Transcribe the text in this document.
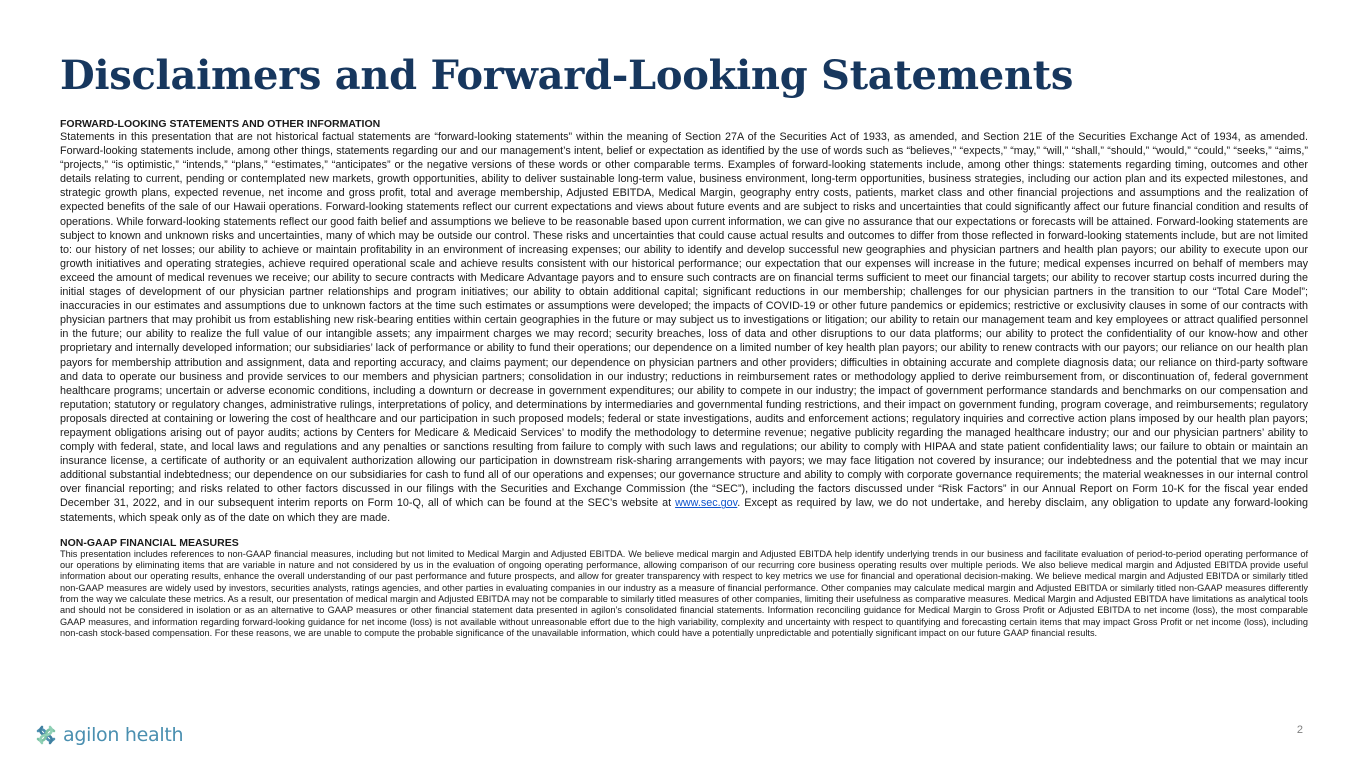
Disclaimers and Forward-Looking Statements

FORWARD-LOOKING STATEMENTS AND OTHER INFORMATION

Statements in this presentation that are not historical factual statements are “forward-looking statements” within the meaning of Section 27A of the Securities Act of 1933, as amended, and Section 21E of the Securities Exchange Act of 1934, as amended. Forward-looking statements include, among other things, statements regarding our and our management’s intent, belief or expectation as identified by the use of words such as “believes,” “expects,” “may,” “will,” “shall,” “should,” “would,” “could,” “seeks,” “aims,” “projects,” “is optimistic,” “intends,” “plans,” “estimates,” “anticipates” or the negative versions of these words or other comparable terms. Examples of forward-looking statements include, among other things: statements regarding timing, outcomes and other details relating to current, pending or contemplated new markets, growth opportunities, ability to deliver sustainable long-term value, business environment, long-term opportunities, business strategies, including our action plan and its expected milestones, and strategic growth plans, expected revenue, net income and gross profit, total and average membership, Adjusted EBITDA, Medical Margin, geography entry costs, patients, market class and other financial projections and assumptions and the realization of expected benefits of the sale of our Hawaii operations. Forward-looking statements reflect our current expectations and views about future events and are subject to risks and uncertainties that could significantly affect our future financial condition and results of operations. While forward-looking statements reflect our good faith belief and assumptions we believe to be reasonable based upon current information, we can give no assurance that our expectations or forecasts will be attained. Forward-looking statements are subject to known and unknown risks and uncertainties, many of which may be outside our control. These risks and uncertainties that could cause actual results and outcomes to differ from those reflected in forward-looking statements include, but are not limited to: our history of net losses; our ability to achieve or maintain profitability in an environment of increasing expenses; our ability to identify and develop successful new geographies and physician partners and health plan payors; our ability to execute upon our growth initiatives and operating strategies, achieve required operational scale and achieve results consistent with our historical performance; our expectation that our expenses will increase in the future; medical expenses incurred on behalf of members may exceed the amount of medical revenues we receive; our ability to secure contracts with Medicare Advantage payors and to ensure such contracts are on financial terms sufficient to meet our financial targets; our ability to recover startup costs incurred during the initial stages of development of our physician partner relationships and program initiatives; our ability to obtain additional capital; significant reductions in our membership; challenges for our physician partners in the transition to our “Total Care Model”; inaccuracies in our estimates and assumptions due to unknown factors at the time such estimates or assumptions were developed; the impacts of COVID-19 or other future pandemics or epidemics; restrictive or exclusivity clauses in some of our contracts with physician partners that may prohibit us from establishing new risk-bearing entities within certain geographies in the future or may subject us to investigations or litigation; our ability to retain our management team and key employees or attract qualified personnel in the future; our ability to realize the full value of our intangible assets; any impairment charges we may record; security breaches, loss of data and other disruptions to our data platforms; our ability to protect the confidentiality of our know-how and other proprietary and internally developed information; our subsidiaries’ lack of performance or ability to fund their operations; our dependence on a limited number of key health plan payors; our ability to renew contracts with our payors; our reliance on our health plan payors for membership attribution and assignment, data and reporting accuracy, and claims payment; our dependence on physician partners and other providers; difficulties in obtaining accurate and complete diagnosis data; our reliance on third-party software and data to operate our business and provide services to our members and physician partners; consolidation in our industry; reductions in reimbursement rates or methodology applied to derive reimbursement from, or discontinuation of, federal government healthcare programs; uncertain or adverse economic conditions, including a downturn or decrease in government expenditures; our ability to compete in our industry; the impact of government performance standards and benchmarks on our compensation and reputation; statutory or regulatory changes, administrative rulings, interpretations of policy, and determinations by intermediaries and governmental funding restrictions, and their impact on government funding, program coverage, and reimbursements; regulatory proposals directed at containing or lowering the cost of healthcare and our participation in such proposed models; federal or state investigations, audits and enforcement actions; regulatory inquiries and corrective action plans imposed by our health plan payors; repayment obligations arising out of payor audits; actions by Centers for Medicare & Medicaid Services’ to modify the methodology to determine revenue; negative publicity regarding the managed healthcare industry; our and our physician partners’ ability to comply with federal, state, and local laws and regulations and any penalties or sanctions resulting from failure to comply with such laws and regulations; our ability to comply with HIPAA and state patient confidentiality laws; our failure to obtain or maintain an insurance license, a certificate of authority or an equivalent authorization allowing our participation in downstream risk-sharing arrangements with payors; we may face litigation not covered by insurance; our indebtedness and the potential that we may incur additional substantial indebtedness; our dependence on our subsidiaries for cash to fund all of our operations and expenses; our governance structure and ability to comply with corporate governance requirements; the material weaknesses in our internal control over financial reporting; and risks related to other factors discussed in our filings with the Securities and Exchange Commission (the “SEC”), including the factors discussed under “Risk Factors” in our Annual Report on Form 10-K for the fiscal year ended December 31, 2022, and in our subsequent interim reports on Form 10-Q, all of which can be found at the SEC’s website at www.sec.gov. Except as required by law, we do not undertake, and hereby disclaim, any obligation to update any forward-looking statements, which speak only as of the date on which they are made.

NON-GAAP FINANCIAL MEASURES

This presentation includes references to non-GAAP financial measures, including but not limited to Medical Margin and Adjusted EBITDA. We believe medical margin and Adjusted EBITDA help identify underlying trends in our business and facilitate evaluation of period-to-period operating performance of our operations by eliminating items that are variable in nature and not considered by us in the evaluation of ongoing operating performance, allowing comparison of our recurring core business operating results over multiple periods. We also believe medical margin and Adjusted EBITDA provide useful information about our operating results, enhance the overall understanding of our past performance and future prospects, and allow for greater transparency with respect to key metrics we use for financial and operational decision-making. We believe medical margin and Adjusted EBITDA or similarly titled non-GAAP measures are widely used by investors, securities analysts, ratings agencies, and other parties in evaluating companies in our industry as a measure of financial performance. Other companies may calculate medical margin and Adjusted EBITDA or similarly titled non-GAAP measures differently from the way we calculate these metrics. As a result, our presentation of medical margin and Adjusted EBITDA may not be comparable to similarly titled measures of other companies, limiting their usefulness as comparative measures. Medical Margin and Adjusted EBITDA have limitations as analytical tools and should not be considered in isolation or as an alternative to GAAP measures or other financial statement data presented in agilon’s consolidated financial statements. Information reconciling guidance for Medical Margin to Gross Profit or Adjusted EBITDA to net income (loss), the most comparable GAAP measures, and information regarding forward-looking guidance for net income (loss) is not available without unreasonable effort due to the high variability, complexity and uncertainty with respect to quantifying and forecasting certain items that may impact Gross Profit or net income (loss), including non-cash stock-based compensation. For these reasons, we are unable to compute the probable significance of the unavailable information, which could have a potentially unpredictable and potentially significant impact on our future GAAP financial results.

agilon health	2
